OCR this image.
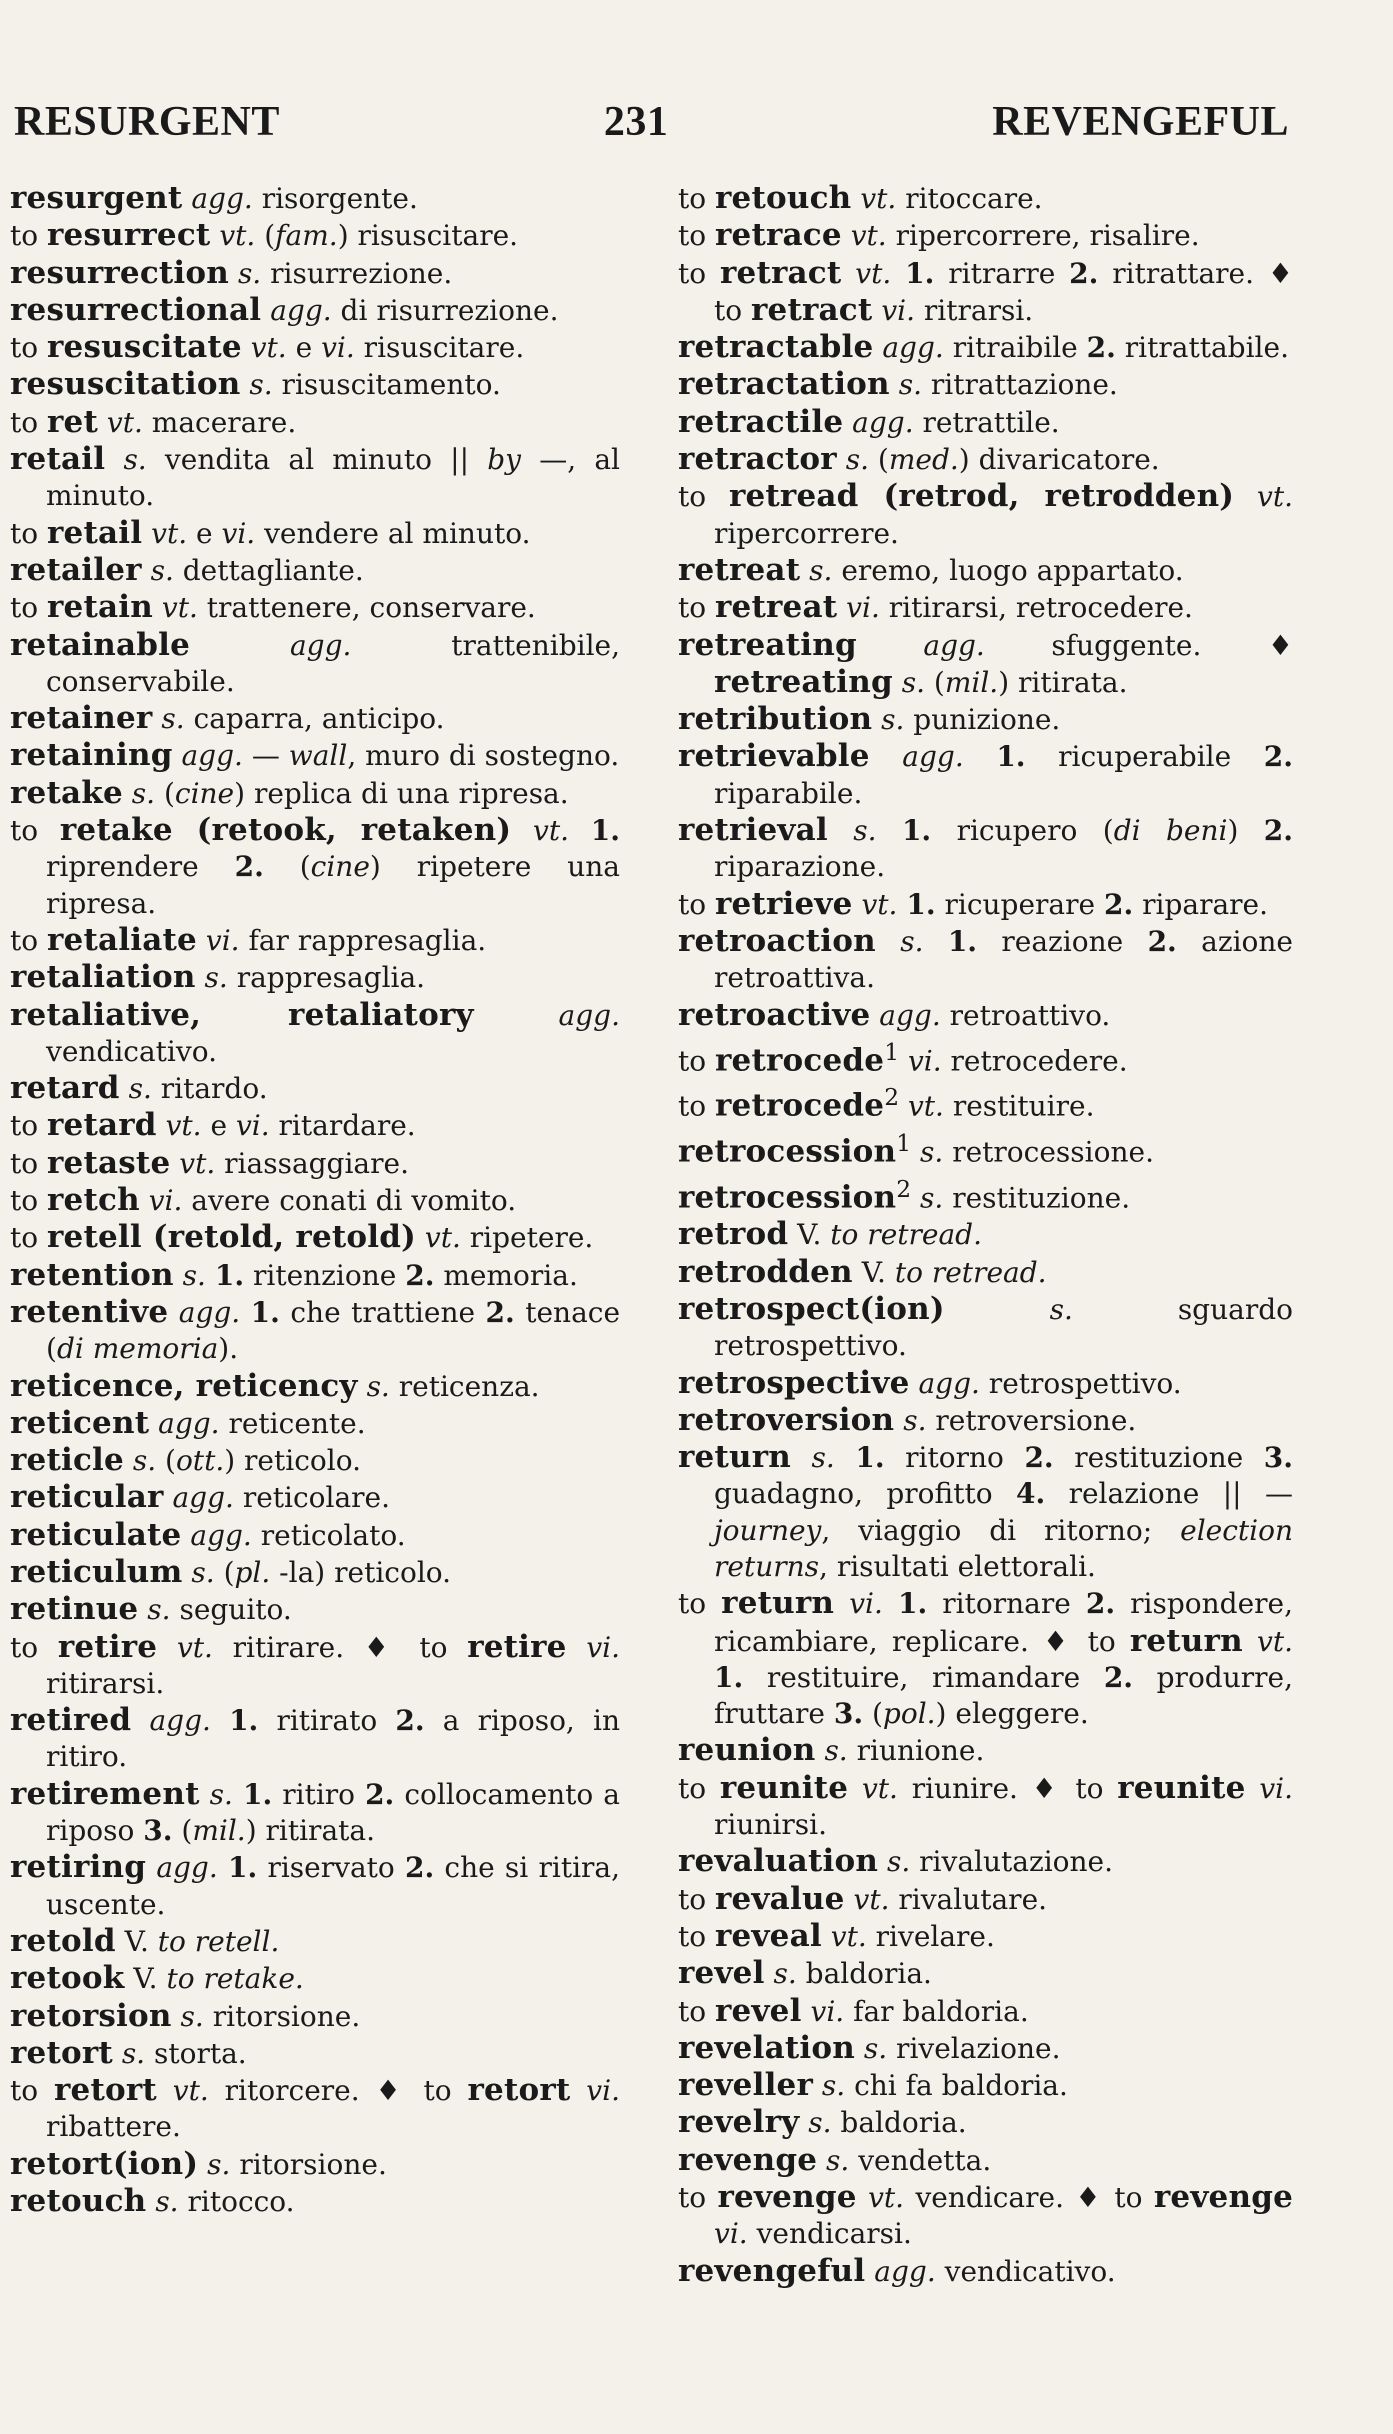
RESURGENT	231	REVENGEFUL
resurgent agg. risorgente.
to resurrect vt. (fam.) risuscitare.
resurrection s. risurrezione.
resurrectional agg. di risurrezione.
to resuscitate vt. e vi. risuscitare.
resuscitation s. risuscitamento.
to ret vt. macerare.
retail s. vendita al minuto || by —, al minuto.
to retail vt. e vi. vendere al minuto.
retailer s. dettagliante.
to retain vt. trattenere, conservare.
retainable	agg. trattenibile, conservabile.
retainer s. caparra, anticipo.
retaining agg. — wall, muro di sostegno.
retake s. (cine) replica di una ripresa.
to retake (retook, retaken) vt. 1. riprendere 2. (cine) ripetere una ripresa.
to retaliate vi. far rappresaglia.
retaliation s. rappresaglia.
retaliative, retaliatory	agg. vendicativo.
retard s. ritardo.
to retard vt. e vi. ritardare.
to retaste vt. riassaggiare.
to retch vi. avere conati di vomito.
to retell (retold, retold) vt. ripetere.
retention s. 1. ritenzione 2. memoria.
retentive agg. 1. che trattiene 2. tenace (di memoria).
reticence, reticency s. reticenza.
reticent agg. reticente.
reticle s. (ott.) reticolo.
reticular agg. reticolare.
reticulate agg. reticolato.
reticulum s. (pl. -la) reticolo.
retinue s. seguito.
to retire vt. ritirare. ♦ to retire vi. ritirarsi.
retired agg. 1. ritirato 2. a riposo, in ritiro.
retirement s. 1. ritiro 2. collocamento a riposo 3. (mil.) ritirata.
retiring agg. 1. riservato 2. che si ritira, uscente.
retold V. to retell.
retook V. to retake.
retorsion s. ritorsione.
retort s. storta.
to retort vt. ritorcere. ♦ to retort vi. ribattere.
retort(ion) s. ritorsione.
retouch s. ritocco.
to retouch vt. ritoccare.
to retrace vt. ripercorrere, risalire.
to retract vt. 1. ritrarre 2. ritrattare. ♦ to retract vi. ritrarsi.
retractable agg. ritraibile 2. ritrattabile.
retractation s. ritrattazione.
retractile agg. retrattile.
retractor s. (med.) divaricatore.
to retread (retrod, retrodden) vt. ripercorrere.
retreat s. eremo, luogo appartato.
to retreat vi. ritirarsi, retrocedere.
retreating agg. sfuggente. ♦ retreating s. (mil.) ritirata.
retribution s. punizione.
retrievable agg. 1. ricuperabile 2. riparabile.
retrieval s. 1. ricupero (di beni) 2. riparazione.
to retrieve vt. 1. ricuperare 2. riparare.
retroaction s. 1. reazione 2. azione retroattiva.
retroactive agg. retroattivo.
to retrocede$^1$ vi. retrocedere.
to retrocede$^2$ vt. restituire.
retrocession$^1$ s. retrocessione.
retrocession$^2$ s. restituzione.
retrod V. to retread.
retrodden V. to retread.
retrospect(ion)	s. sguardo retrospettivo.
retrospective agg. retrospettivo.
retroversion s. retroversione.
return s. 1. ritorno 2. restituzione 3. guadagno, profitto 4. relazione || — journey, viaggio di ritorno; election returns, risultati elettorali.
to return vi. 1. ritornare 2. rispondere, ricambiare, replicare. ♦ to return vt. 1. restituire, rimandare 2. produrre, fruttare 3. (pol.) eleggere.
reunion s. riunione.
to reunite vt. riunire. ♦ to reunite vi. riunirsi.
revaluation s. rivalutazione.
to revalue vt. rivalutare.
to reveal vt. rivelare.
revel s. baldoria.
to revel vi. far baldoria.
revelation s. rivelazione.
reveller s. chi fa baldoria.
revelry s. baldoria.
revenge s. vendetta.
to revenge vt. vendicare. ♦ to revenge vi. vendicarsi.
revengeful agg. vendicativo.
